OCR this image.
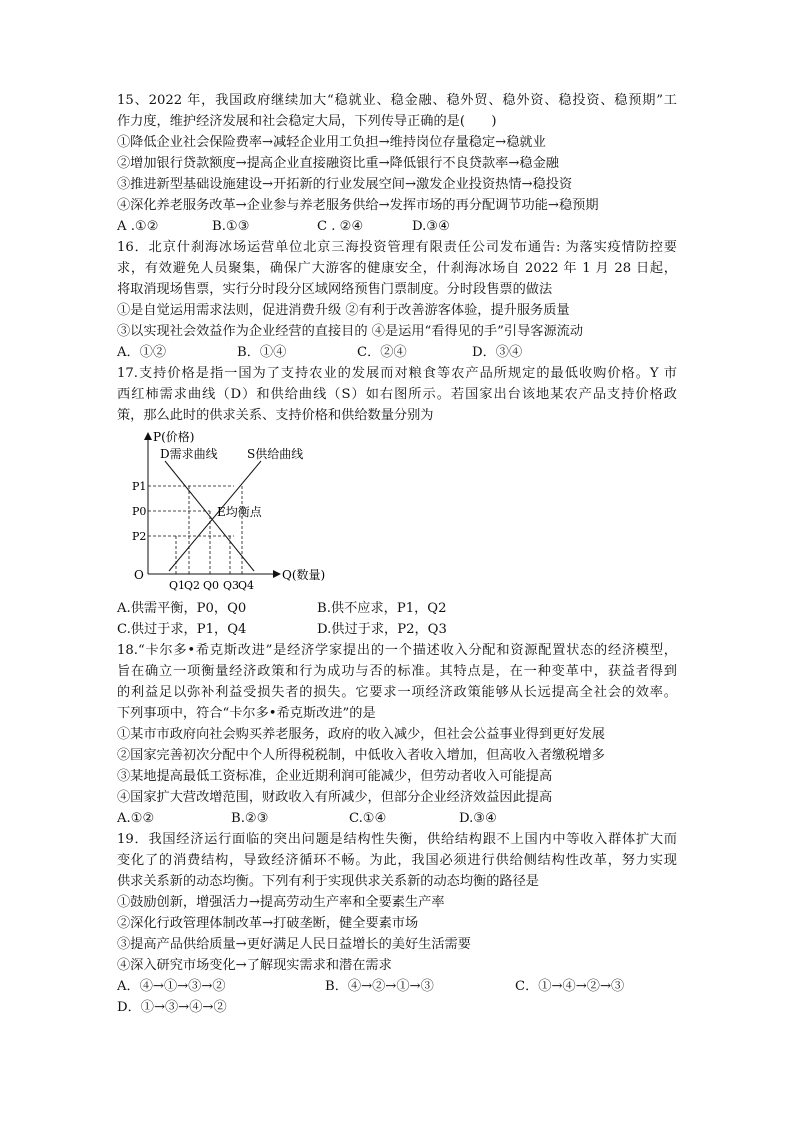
15、2022 年，我国政府继续加大“稳就业、稳金融、稳外贸、稳外资、稳投资、稳预期”工
作力度，维护经济发展和社会稳定大局，下列传导正确的是(　　)
①降低企业社会保险费率→减轻企业用工负担→维持岗位存量稳定→稳就业
②增加银行贷款额度→提高企业直接融资比重→降低银行不良贷款率→稳金融
③推进新型基础设施建设→开拓新的行业发展空间→激发企业投资热情→稳投资
④深化养老服务改革→企业参与养老服务供给→发挥市场的再分配调节功能→稳预期
A .①②	B.①③	C . ②④	D.③④
16．北京什刹海冰场运营单位北京三海投资管理有限责任公司发布通告: 为落实疫情防控要
求，有效避免人员聚集，确保广大游客的健康安全，什刹海冰场自 2022 年 1 月 28 日起，
将取消现场售票，实行分时段分区域网络预售门票制度。分时段售票的做法
①是自觉运用需求法则，促进消费升级 ②有利于改善游客体验，提升服务质量
③以实现社会效益作为企业经营的直接目的 ④是运用“看得见的手”引导客源流动
A．①②	B．①④	C．②④	D．③④
17.支持价格是指一国为了支持农业的发展而对粮食等农产品所规定的最低收购价格。Y 市
西红柿需求曲线（D）和供给曲线（S）如右图所示。若国家出台该地某农产品支持价格政
策，那么此时的供求关系、支持价格和供给数量分别为
P(价格)
D需求曲线 S供给曲线
E均衡点
O	Q(数量)
P1
P0
P2
Q1
Q2 Q0 Q3
Q4
A.供需平衡，P0，Q0	B.供不应求，P1，Q2
C.供过于求，P1，Q4	D.供过于求，P2，Q3
18.“卡尔多•希克斯改进”是经济学家提出的一个描述收入分配和资源配置状态的经济模型，
旨在确立一项衡量经济政策和行为成功与否的标准。其特点是，在一种变革中，获益者得到
的利益足以弥补利益受损失者的损失。它要求一项经济政策能够从长远提高全社会的效率。
下列事项中，符合“卡尔多•希克斯改进”的是
①某市市政府向社会购买养老服务，政府的收入减少，但社会公益事业得到更好发展
②国家完善初次分配中个人所得税税制，中低收入者收入增加，但高收入者缴税增多
③某地提高最低工资标准，企业近期利润可能减少，但劳动者收入可能提高
④国家扩大营改增范围，财政收入有所减少，但部分企业经济效益因此提高
A.①②	B.②③	C.①④	D.③④
19．我国经济运行面临的突出问题是结构性失衡，供给结构跟不上国内中等收入群体扩大而
变化了的消费结构，导致经济循环不畅。为此，我国必须进行供给侧结构性改革，努力实现
供求关系新的动态均衡。下列有利于实现供求关系新的动态均衡的路径是
①鼓励创新，增强活力→提高劳动生产率和全要素生产率
②深化行政管理体制改革→打破垄断，健全要素市场
③提高产品供给质量→更好满足人民日益增长的美好生活需要
④深入研究市场变化→了解现实需求和潜在需求
A．④→①→③→②	B．④→②→①→③	C．①→④→②→③
D．①→③→④→②
